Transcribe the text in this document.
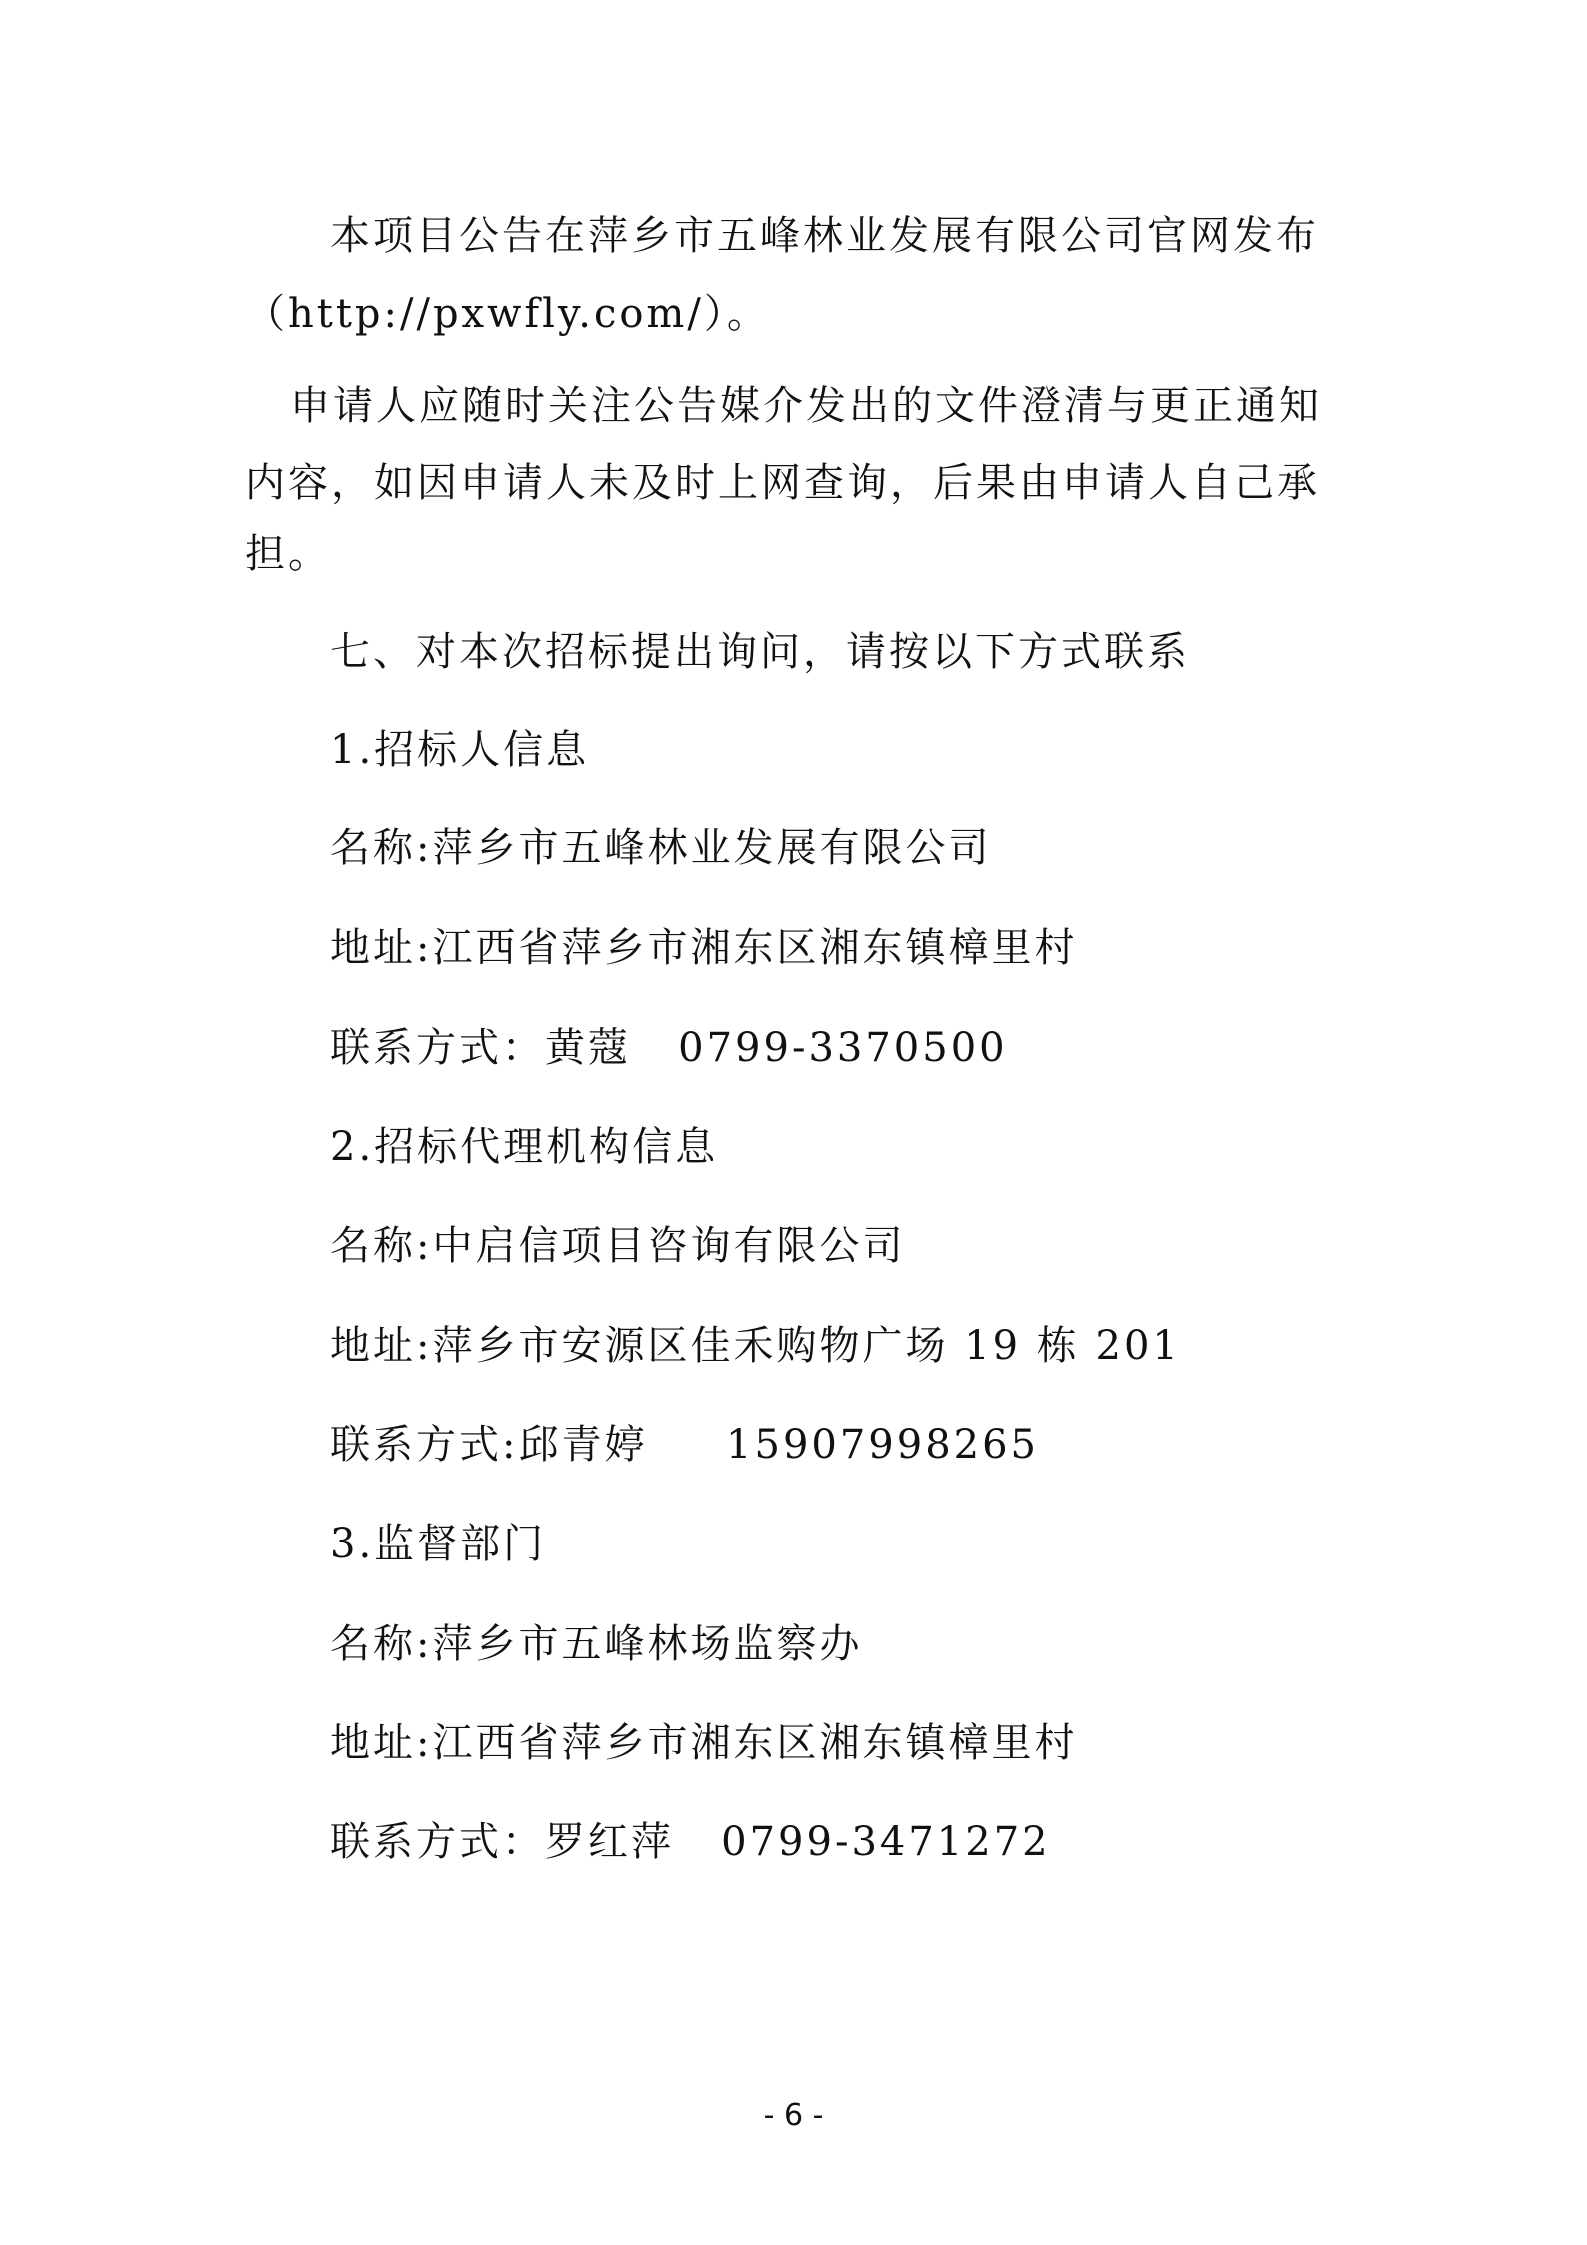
本项目公告在萍乡市五峰林业发展有限公司官网发布
（http://pxwfly.com/）。
申请人应随时关注公告媒介发出的文件澄清与更正通知
内容，如因申请人未及时上网查询，后果由申请人自己承
担。
七、对本次招标提出询问，请按以下方式联系
1.招标人信息
名称:萍乡市五峰林业发展有限公司
地址:江西省萍乡市湘东区湘东镇樟里村
联系方式：黄蔻   0799-3370500
2.招标代理机构信息
名称:中启信项目咨询有限公司
地址:萍乡市安源区佳禾购物广场 19 栋 201
联系方式:邱青婷     15907998265
3.监督部门
名称:萍乡市五峰林场监察办
地址:江西省萍乡市湘东区湘东镇樟里村
联系方式：罗红萍   0799-3471272
- 6 -
